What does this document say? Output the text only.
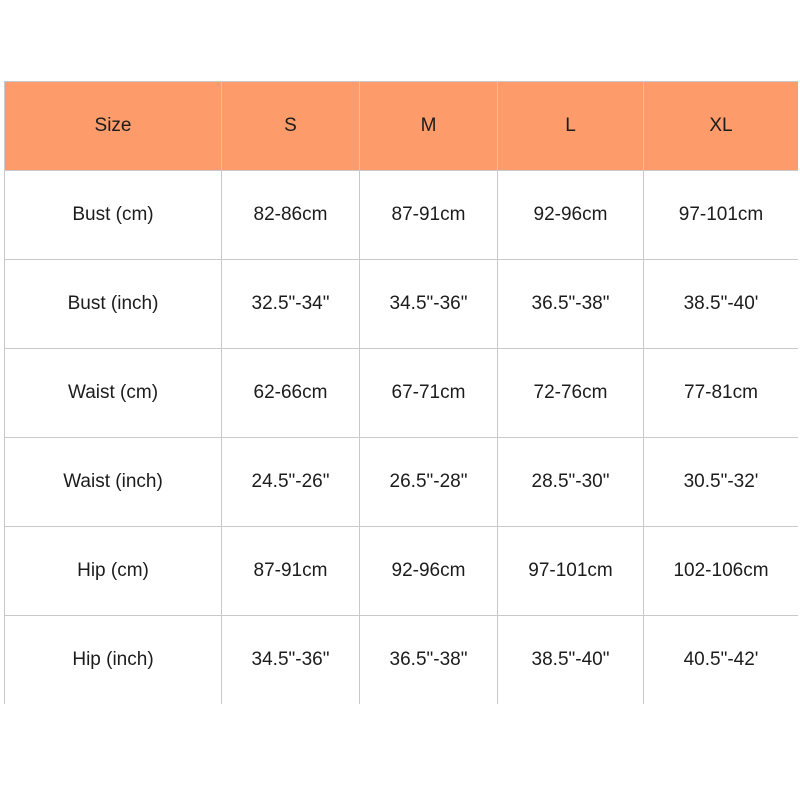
Size	S	M	L	XL
Bust (cm)	82-86cm	87-91cm	92-96cm	97-101cm
Bust (inch)	32.5"-34"	34.5"-36"	36.5"-38"	38.5"-40'
Waist (cm)	62-66cm	67-71cm	72-76cm	77-81cm
Waist (inch)	24.5"-26"	26.5"-28"	28.5"-30"	30.5"-32'
Hip (cm)	87-91cm	92-96cm	97-101cm	102-106cm
Hip (inch)	34.5"-36"	36.5"-38"	38.5"-40"	40.5"-42'
